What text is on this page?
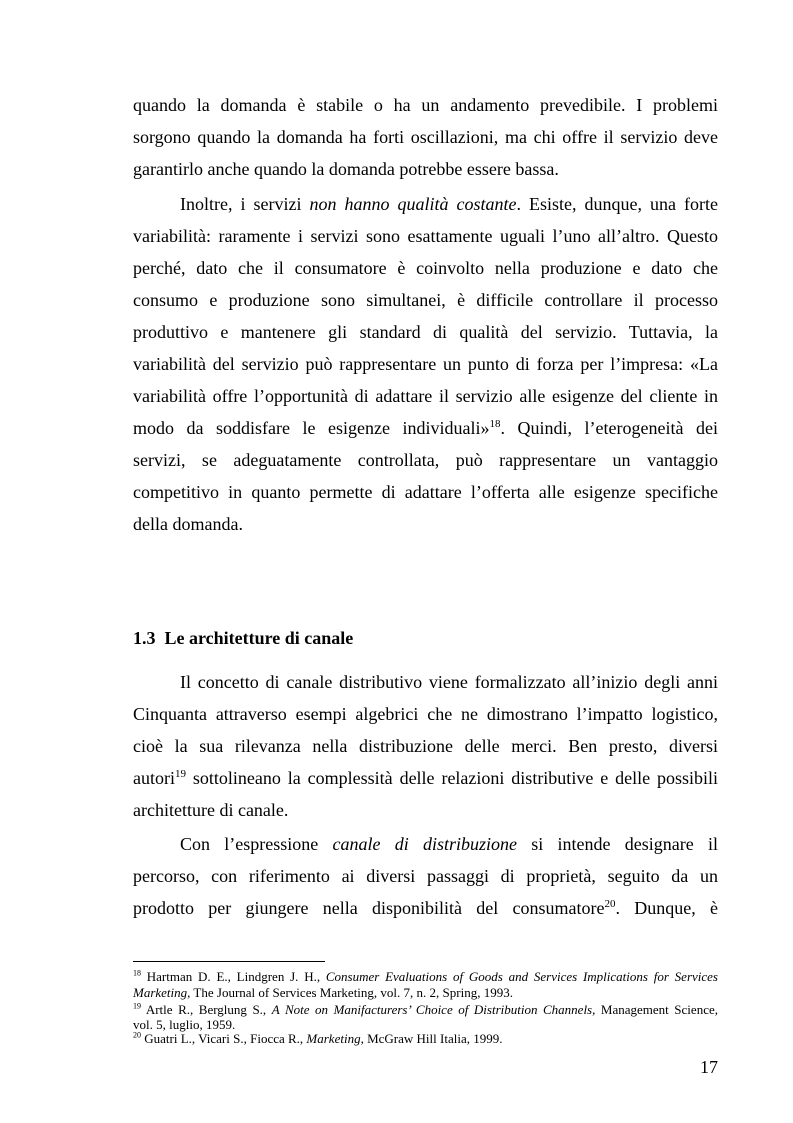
quando la domanda è stabile o ha un andamento prevedibile. I problemi
sorgono quando la domanda ha forti oscillazioni, ma chi offre il servizio deve
garantirlo anche quando la domanda potrebbe essere bassa.
Inoltre, i servizi non hanno qualità costante. Esiste, dunque, una forte
variabilità: raramente i servizi sono esattamente uguali l’uno all’altro. Questo
perché, dato che il consumatore è coinvolto nella produzione e dato che
consumo e produzione sono simultanei, è difficile controllare il processo
produttivo e mantenere gli standard di qualità del servizio. Tuttavia, la
variabilità del servizio può rappresentare un punto di forza per l’impresa: «La
variabilità offre l’opportunità di adattare il servizio alle esigenze del cliente in
modo da soddisfare le esigenze individuali»$^{18}$. Quindi, l’eterogeneità dei
servizi, se adeguatamente controllata, può rappresentare un vantaggio
competitivo in quanto permette di adattare l’offerta alle esigenze specifiche
della domanda.
1.3 Le architetture di canale
Il concetto di canale distributivo viene formalizzato all’inizio degli anni
Cinquanta attraverso esempi algebrici che ne dimostrano l’impatto logistico,
cioè la sua rilevanza nella distribuzione delle merci. Ben presto, diversi
autori$^{19}$ sottolineano la complessità delle relazioni distributive e delle possibili
architetture di canale.
Con l’espressione canale di distribuzione si intende designare il
percorso, con riferimento ai diversi passaggi di proprietà, seguito da un
prodotto per giungere nella disponibilità del consumatore$^{20}$. Dunque, è
$^{18}$ Hartman D. E., Lindgren J. H., Consumer Evaluations of Goods and Services Implications for Services
Marketing, The Journal of Services Marketing, vol. 7, n. 2, Spring, 1993.
$^{19}$ Artle R., Berglung S., A Note on Manifacturers’ Choice of Distribution Channels, Management Science,
vol. 5, luglio, 1959.
$^{20}$ Guatri L., Vicari S., Fiocca R., Marketing, McGraw Hill Italia, 1999.
17
